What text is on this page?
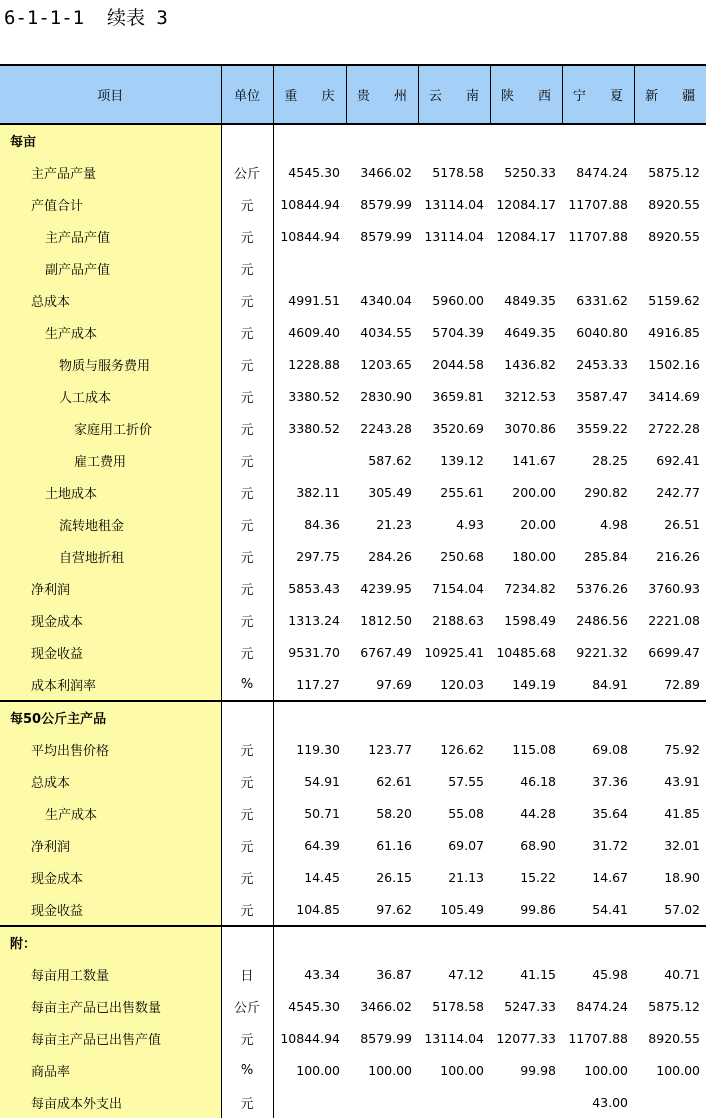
6-1-1-1  续表 3
项目	单位	重 庆	贵 州	云 南	陕 西	宁 夏	新 疆
每亩							
主产品产量	公斤	4545.30	3466.02	5178.58	5250.33	8474.24	5875.12
产值合计	元	10844.94	8579.99	13114.04	12084.17	11707.88	8920.55
主产品产值	元	10844.94	8579.99	13114.04	12084.17	11707.88	8920.55
副产品产值	元						
总成本	元	4991.51	4340.04	5960.00	4849.35	6331.62	5159.62
生产成本	元	4609.40	4034.55	5704.39	4649.35	6040.80	4916.85
物质与服务费用	元	1228.88	1203.65	2044.58	1436.82	2453.33	1502.16
人工成本	元	3380.52	2830.90	3659.81	3212.53	3587.47	3414.69
家庭用工折价	元	3380.52	2243.28	3520.69	3070.86	3559.22	2722.28
雇工费用	元		587.62	139.12	141.67	28.25	692.41
土地成本	元	382.11	305.49	255.61	200.00	290.82	242.77
流转地租金	元	84.36	21.23	4.93	20.00	4.98	26.51
自营地折租	元	297.75	284.26	250.68	180.00	285.84	216.26
净利润	元	5853.43	4239.95	7154.04	7234.82	5376.26	3760.93
现金成本	元	1313.24	1812.50	2188.63	1598.49	2486.56	2221.08
现金收益	元	9531.70	6767.49	10925.41	10485.68	9221.32	6699.47
成本利润率	%	117.27	97.69	120.03	149.19	84.91	72.89
每50公斤主产品							
平均出售价格	元	119.30	123.77	126.62	115.08	69.08	75.92
总成本	元	54.91	62.61	57.55	46.18	37.36	43.91
生产成本	元	50.71	58.20	55.08	44.28	35.64	41.85
净利润	元	64.39	61.16	69.07	68.90	31.72	32.01
现金成本	元	14.45	26.15	21.13	15.22	14.67	18.90
现金收益	元	104.85	97.62	105.49	99.86	54.41	57.02
附：							
每亩用工数量	日	43.34	36.87	47.12	41.15	45.98	40.71
每亩主产品已出售数量	公斤	4545.30	3466.02	5178.58	5247.33	8474.24	5875.12
每亩主产品已出售产值	元	10844.94	8579.99	13114.04	12077.33	11707.88	8920.55
商品率	%	100.00	100.00	100.00	99.98	100.00	100.00
每亩成本外支出	元					43.00	
